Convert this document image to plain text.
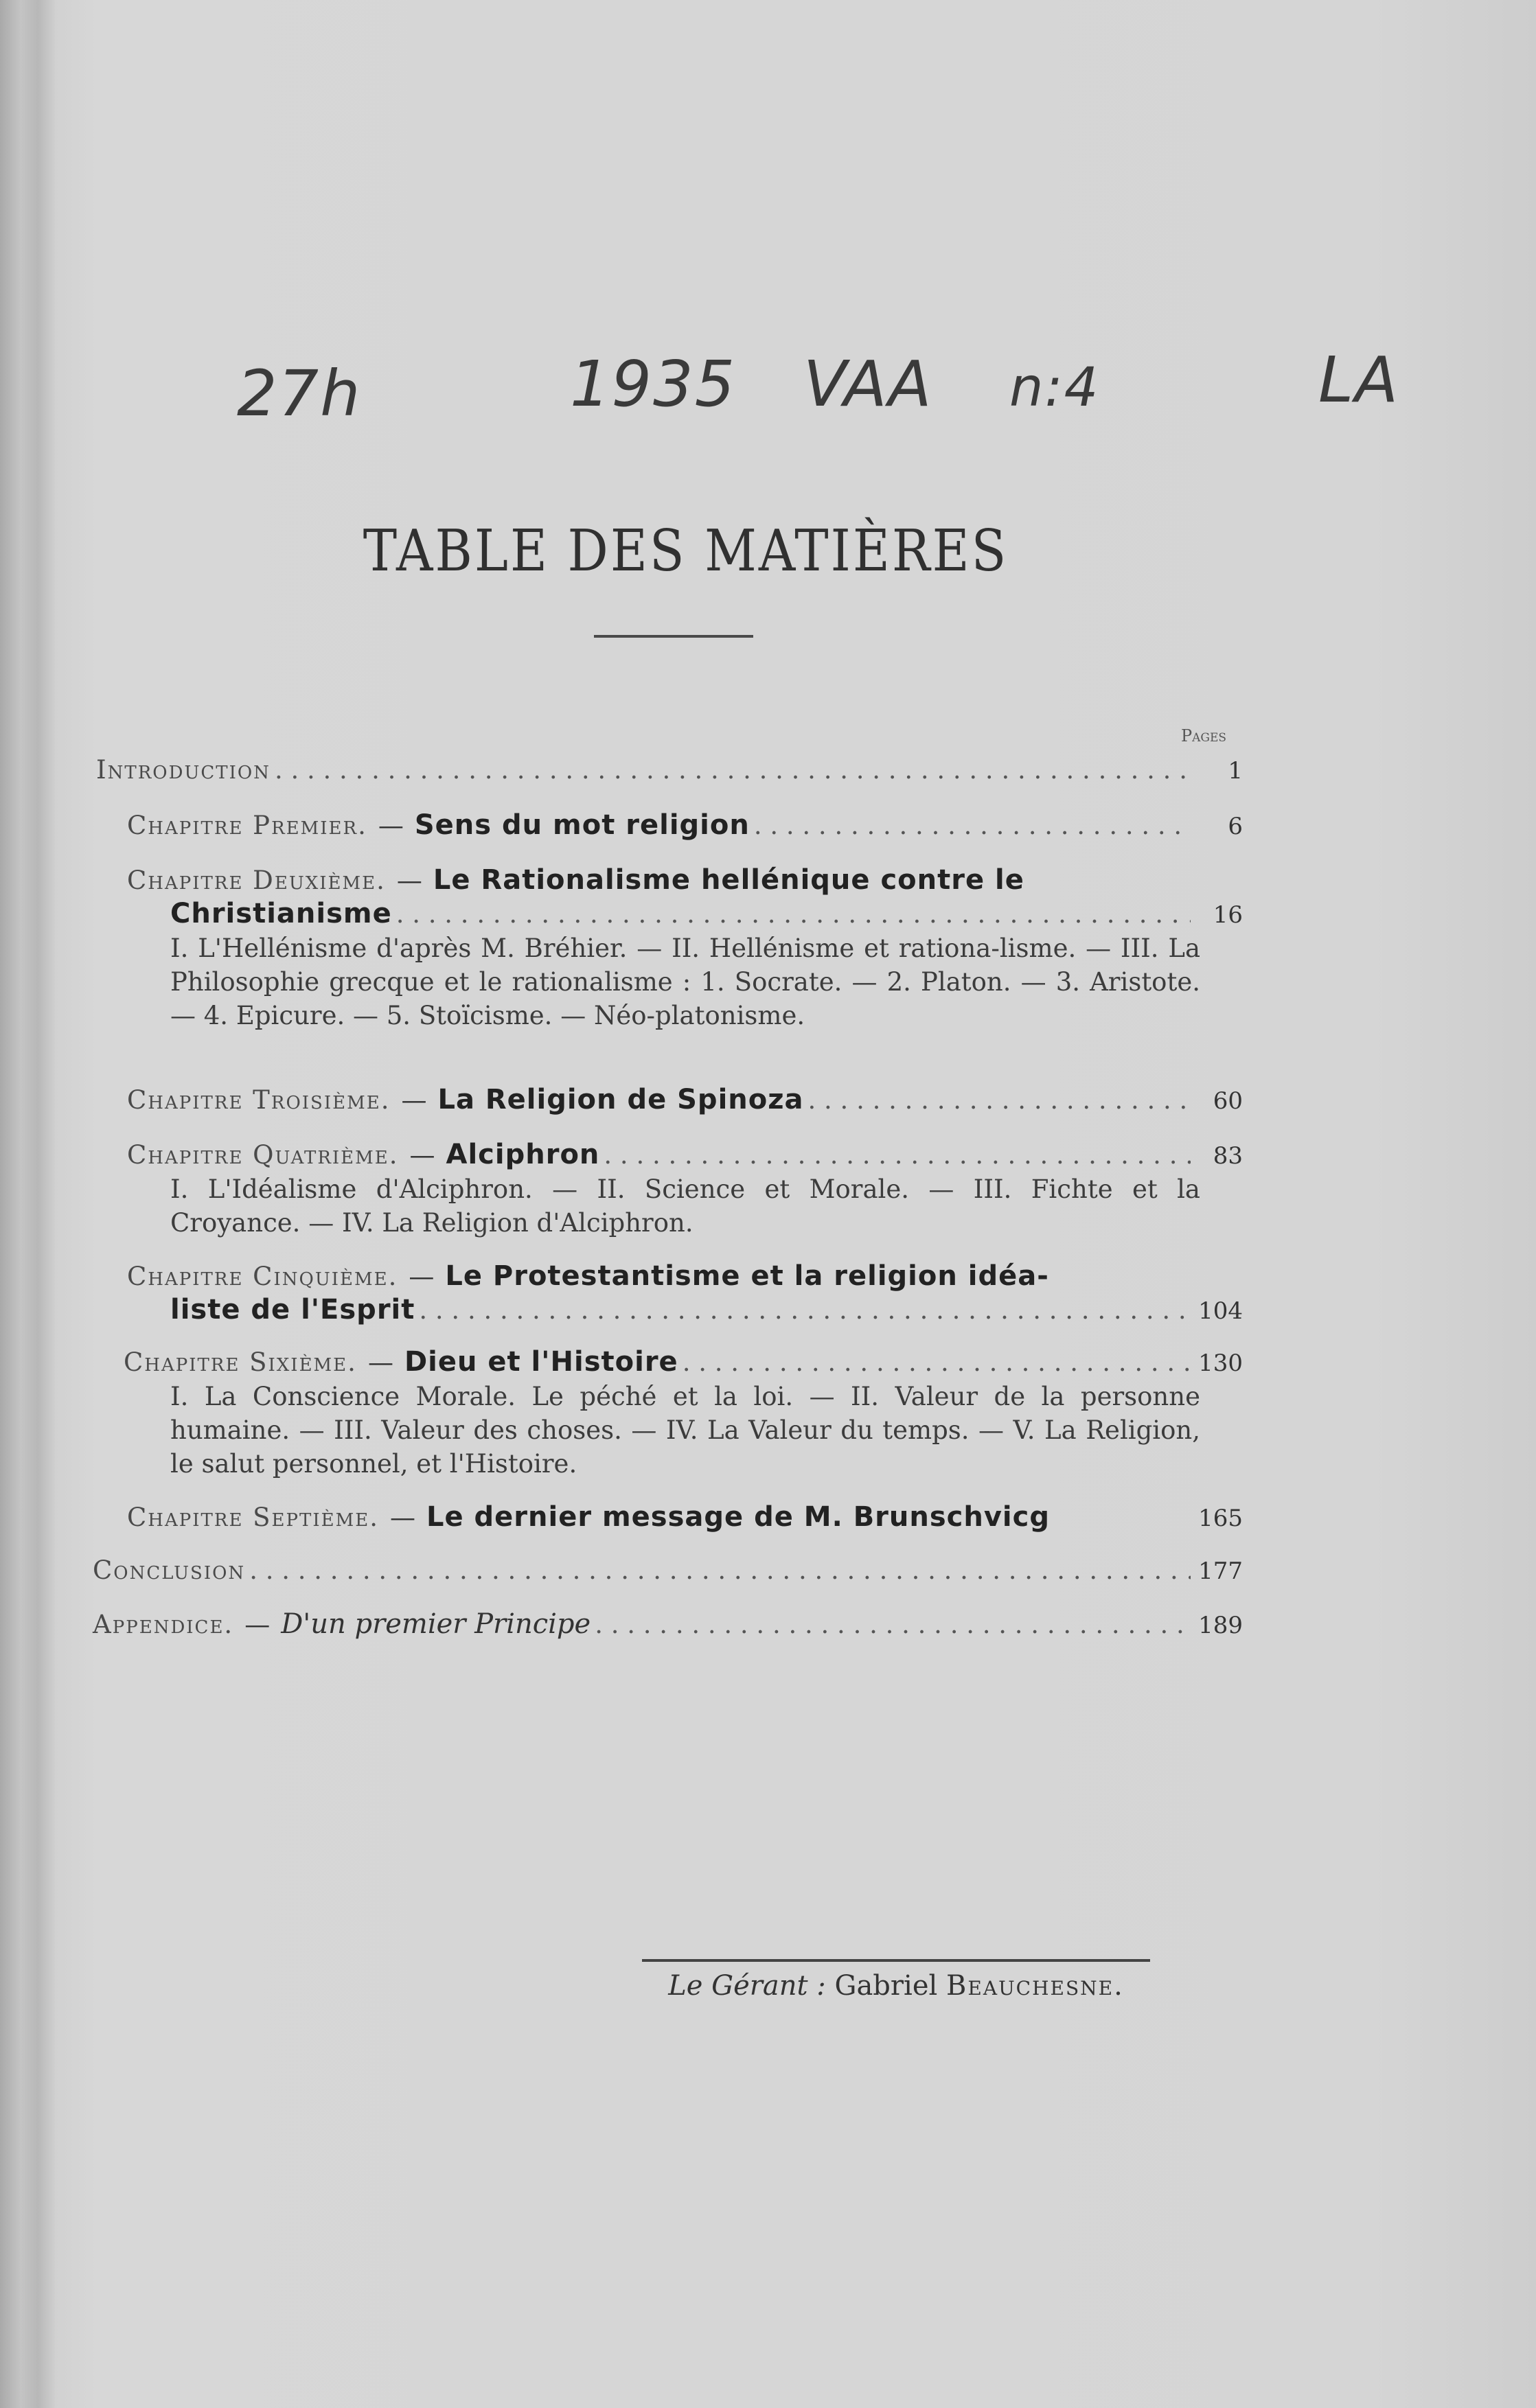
27h	1935 VAA n:4	LA
TABLE DES MATIÈRES
Pages
Introduction . . .	1
Chapitre Premier. — Sens du mot religion . . .	6
Chapitre Deuxième. — Le Rationalisme hellénique contre le
Christianisme . . .	16
I. L'Hellénisme d'après M. Bréhier. — II. Hellénisme et rationa-lisme. — III. La Philosophie grecque et le rationalisme : 1. Socrate. — 2. Platon. — 3. Aristote. — 4. Epicure. — 5. Stoïcisme. — Néo-platonisme.
Chapitre Troisième. — La Religion de Spinoza . . .	60
Chapitre Quatrième. — Alciphron . . .	83
I. L'Idéalisme d'Alciphron. — II. Science et Morale. — III. Fichte et la Croyance. — IV. La Religion d'Alciphron.
Chapitre Cinquième. — Le Protestantisme et la religion idéa-
liste de l'Esprit . . .	104
Chapitre Sixième. — Dieu et l'Histoire . . .	130
I. La Conscience Morale. Le péché et la loi. — II. Valeur de la personne humaine. — III. Valeur des choses. — IV. La Valeur du temps. — V. La Religion, le salut personnel, et l'Histoire.
Chapitre Septième. — Le dernier message de M. Brunschvicg	165
Conclusion . . .	177
Appendice. — D'un premier Principe . . .	189
Le Gérant : Gabriel Beauchesne.
